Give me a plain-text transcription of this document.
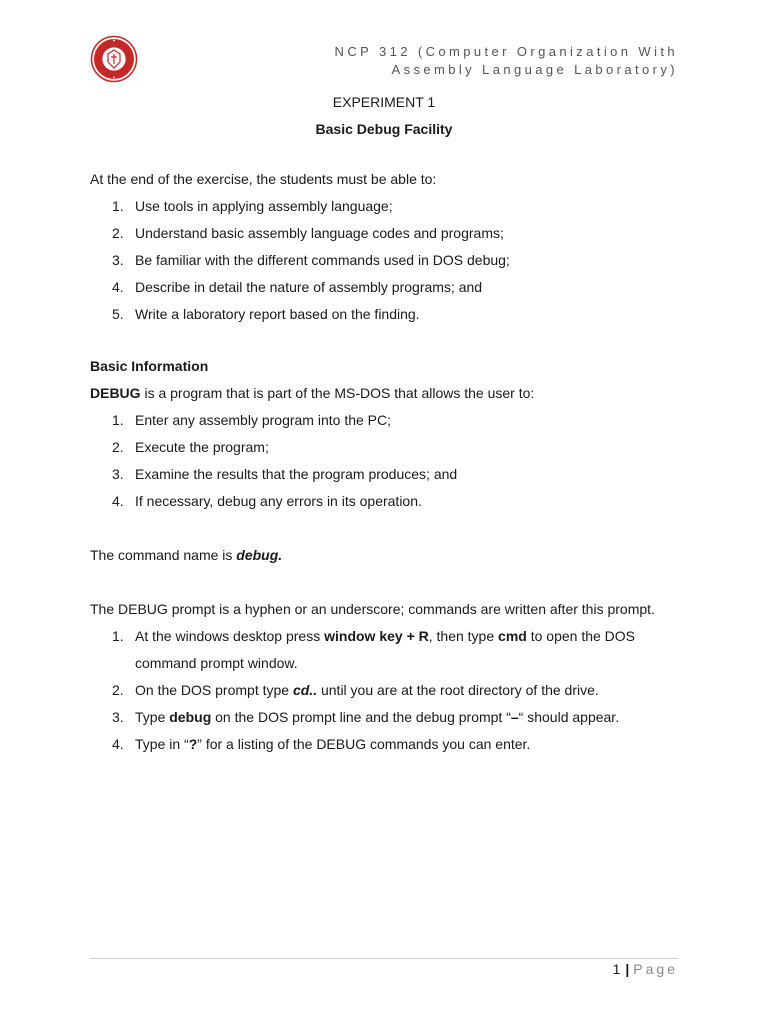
NCP 312 (Computer Organization With Assembly Language Laboratory)

EXPERIMENT 1

Basic Debug Facility

At the end of the exercise, the students must be able to:

1. Use tools in applying assembly language;
2. Understand basic assembly language codes and programs;
3. Be familiar with the different commands used in DOS debug;
4. Describe in detail the nature of assembly programs; and
5. Write a laboratory report based on the finding.

Basic Information

DEBUG is a program that is part of the MS-DOS that allows the user to:

1. Enter any assembly program into the PC;
2. Execute the program;
3. Examine the results that the program produces; and
4. If necessary, debug any errors in its operation.

The command name is debug.

The DEBUG prompt is a hyphen or an underscore; commands are written after this prompt.

1. At the windows desktop press window key + R, then type cmd to open the DOS command prompt window.
2. On the DOS prompt type cd.. until you are at the root directory of the drive.
3. Type debug on the DOS prompt line and the debug prompt “–“ should appear.
4. Type in “?” for a listing of the DEBUG commands you can enter.
1 | Page
